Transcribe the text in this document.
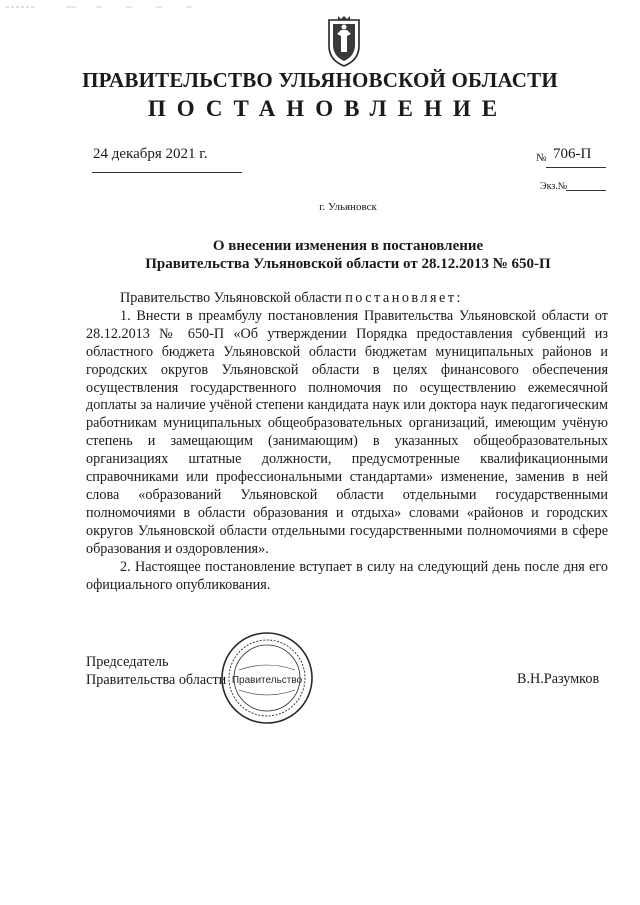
ПРАВИТЕЛЬСТВО УЛЬЯНОВСКОЙ ОБЛАСТИ
ПОСТАНОВЛЕНИЕ
24 декабря 2021 г.	№ 706-П
Экз.№
г. Ульяновск
О внесении изменения в постановление
Правительства Ульяновской области от 28.12.2013 № 650-П

Правительство Ульяновской области постановляет:

1. Внести в преамбулу постановления Правительства Ульяновской области от 28.12.2013 № 650-П «Об утверждении Порядка предоставления субвенций из областного бюджета Ульяновской области бюджетам муниципальных районов и городских округов Ульяновской области в целях финансового обеспечения осуществления государственного полномочия по осуществлению ежемесячной доплаты за наличие учёной степени кандидата наук или доктора наук педагогическим работникам муниципальных общеобразовательных организаций, имеющим учёную степень и замещающим (занимающим) в указанных общеобразовательных организациях штатные должности, предусмотренные квалификационными справочниками или профессиональными стандартами» изменение, заменив в ней слова «образований Ульяновской области отдельными государственными полномочиями в области образования и отдыха» словами «районов и городских округов Ульяновской области отдельными государственными полномочиями в сфере образования и оздоровления».

2. Настоящее постановление вступает в силу на следующий день после дня его официального опубликования.

Председатель
Правительства области Правительство	В.Н.Разумков
